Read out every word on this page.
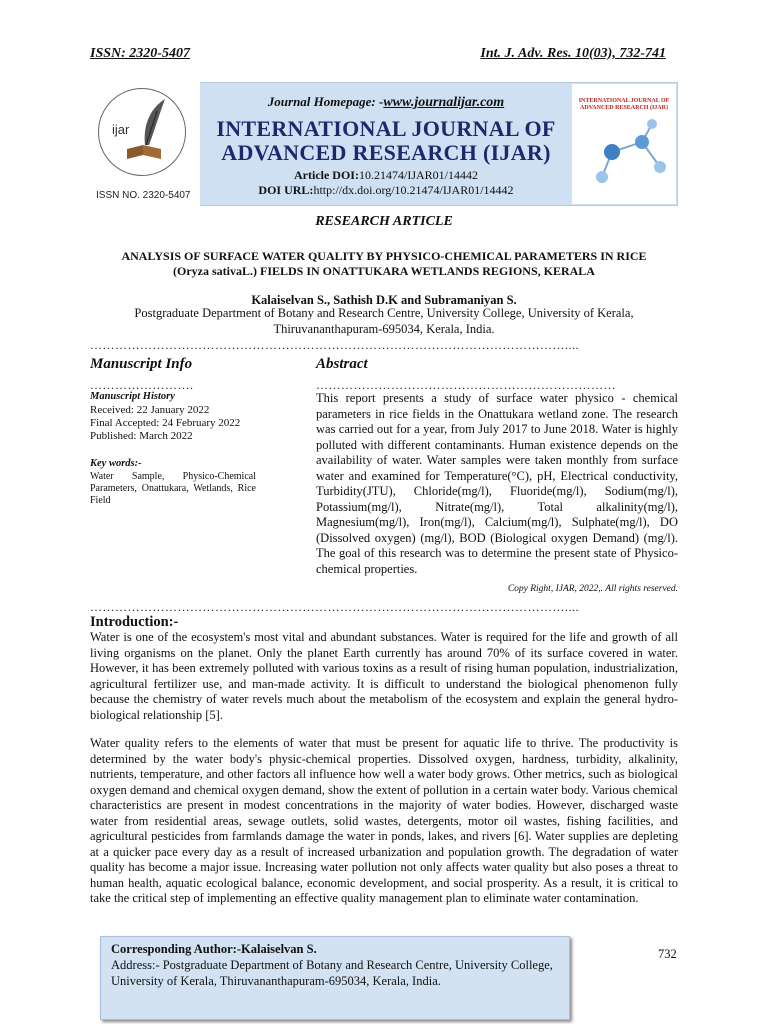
ISSN: 2320-5407	Int. J. Adv. Res. 10(03), 732-741
ijar
ISSN NO. 2320-5407
Journal Homepage: -www.journalijar.com
INTERNATIONAL JOURNAL OF
ADVANCED RESEARCH (IJAR)
Article DOI:10.21474/IJAR01/14442
DOI URL:http://dx.doi.org/10.21474/IJAR01/14442
INTERNATIONAL JOURNAL OF
ADVANCED RESEARCH (IJAR)
RESEARCH ARTICLE
ANALYSIS OF SURFACE WATER QUALITY BY PHYSICO-CHEMICAL PARAMETERS IN RICE
(Oryza sativaL.) FIELDS IN ONATTUKARA WETLANDS REGIONS, KERALA
Kalaiselvan S., Sathish D.K and Subramaniyan S.
Postgraduate Department of Botany and Research Centre, University College, University of Kerala,
Thiruvananthapuram-695034, Kerala, India.
……………………………………………………………………………………………………....
Manuscript Info
…………………….
Manuscript History
Received: 22 January 2022
Final Accepted: 24 February 2022
Published: March 2022
Key words:-
Water Sample, Physico-Chemical Parameters, Onattukara, Wetlands, Rice Field
Abstract
………………………………………………………………
This report presents a study of surface water physico - chemical parameters in rice fields in the Onattukara wetland zone. The research was carried out for a year, from July 2017 to June 2018. Water is highly polluted with different contaminants. Human existence depends on the availability of water. Water samples were taken monthly from surface water and examined for Temperature(°C), pH, Electrical conductivity, Turbidity(JTU), Chloride(mg/l), Fluoride(mg/l), Sodium(mg/l), Potassium(mg/l), Nitrate(mg/l), Total alkalinity(mg/l), Magnesium(mg/l), Iron(mg/l), Calcium(mg/l), Sulphate(mg/l), DO (Dissolved oxygen) (mg/l), BOD (Biological oxygen Demand) (mg/l). The goal of this research was to determine the present state of Physico-chemical properties.
Copy Right, IJAR, 2022,. All rights reserved.
……………………………………………………………………………………………………....
Introduction:-
Water is one of the ecosystem's most vital and abundant substances. Water is required for the life and growth of all living organisms on the planet. Only the planet Earth currently has around 70% of its surface covered in water. However, it has been extremely polluted with various toxins as a result of rising human population, industrialization, agricultural fertilizer use, and man-made activity. It is difficult to understand the biological phenomenon fully because the chemistry of water revels much about the metabolism of the ecosystem and explain the general hydro-biological relationship [5].
Water quality refers to the elements of water that must be present for aquatic life to thrive. The productivity is determined by the water body's physic-chemical properties. Dissolved oxygen, hardness, turbidity, alkalinity, nutrients, temperature, and other factors all influence how well a water body grows. Other metrics, such as biological oxygen demand and chemical oxygen demand, show the extent of pollution in a certain water body. Various chemical characteristics are present in modest concentrations in the majority of water bodies. However, discharged waste water from residential areas, sewage outlets, solid wastes, detergents, motor oil wastes, fishing facilities, and agricultural pesticides from farmlands damage the water in ponds, lakes, and rivers [6]. Water supplies are depleting at a quicker pace every day as a result of increased urbanization and population growth. The degradation of water quality has become a major issue. Increasing water pollution not only affects water quality but also poses a threat to human health, aquatic ecological balance, economic development, and social prosperity. As a result, it is critical to take the critical step of implementing an effective quality management plan to eliminate water contamination.
Corresponding Author:-Kalaiselvan S.
Address:- Postgraduate Department of Botany and Research Centre, University College,
University of Kerala, Thiruvananthapuram-695034, Kerala, India.
732
